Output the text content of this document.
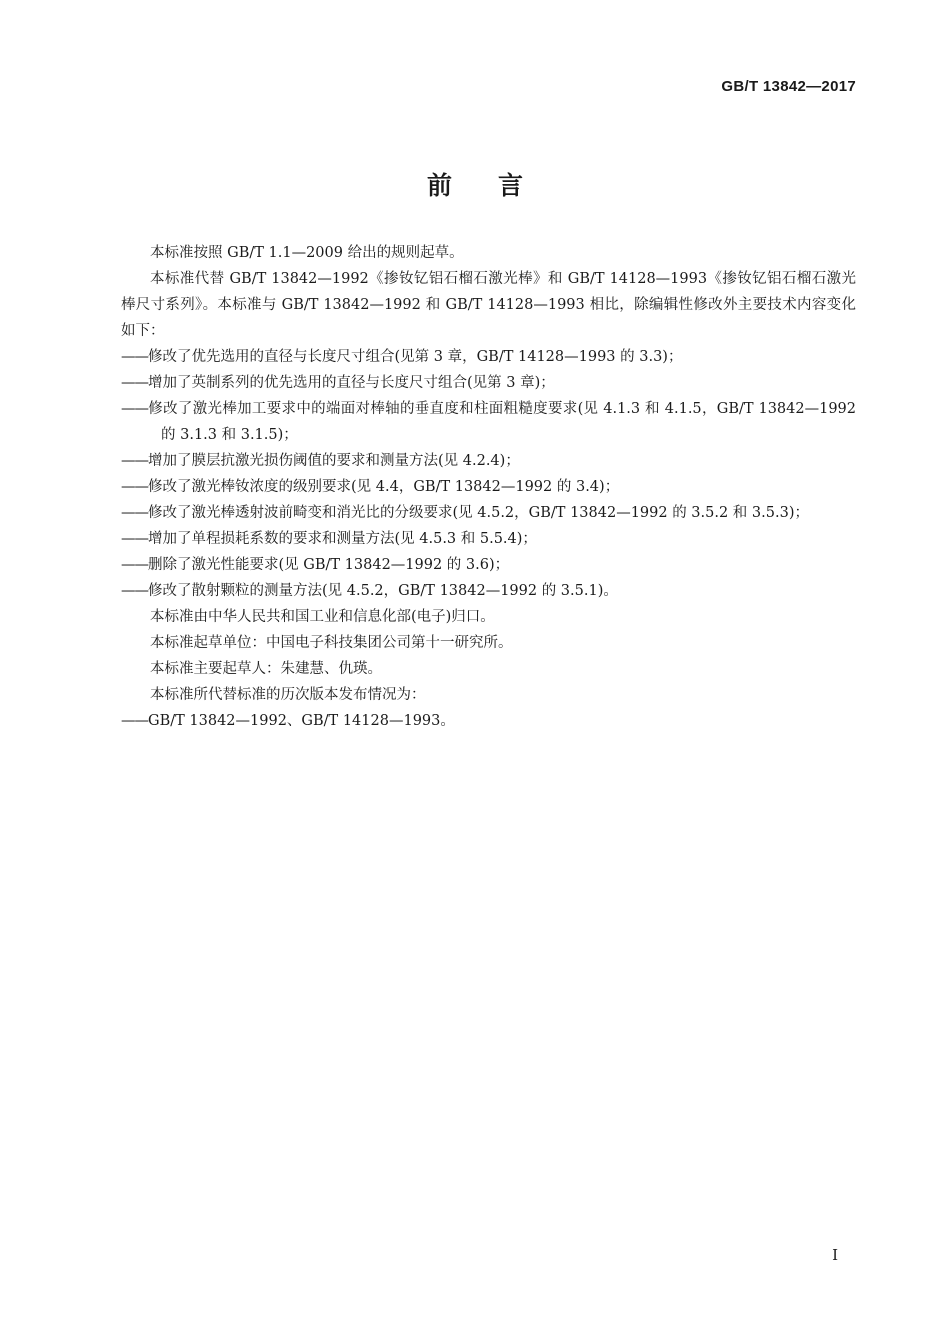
GB/T 13842—2017
前言

本标准按照 GB/T 1.1—2009 给出的规则起草。

本标准代替 GB/T 13842—1992《掺钕钇铝石榴石激光棒》和 GB/T 14128—1993《掺钕钇铝石榴石激光棒尺寸系列》。本标准与 GB/T 13842—1992 和 GB/T 14128—1993 相比，除编辑性修改外主要技术内容变化如下：

——修改了优先选用的直径与长度尺寸组合(见第 3 章，GB/T 14128—1993 的 3.3)；

——增加了英制系列的优先选用的直径与长度尺寸组合(见第 3 章)；

——修改了激光棒加工要求中的端面对棒轴的垂直度和柱面粗糙度要求(见 4.1.3 和 4.1.5，GB/T 13842—1992 的 3.1.3 和 3.1.5)；

——增加了膜层抗激光损伤阈值的要求和测量方法(见 4.2.4)；

——修改了激光棒钕浓度的级别要求(见 4.4，GB/T 13842—1992 的 3.4)；

——修改了激光棒透射波前畸变和消光比的分级要求(见 4.5.2，GB/T 13842—1992 的 3.5.2 和 3.5.3)；

——增加了单程损耗系数的要求和测量方法(见 4.5.3 和 5.5.4)；

——删除了激光性能要求(见 GB/T 13842—1992 的 3.6)；

——修改了散射颗粒的测量方法(见 4.5.2，GB/T 13842—1992 的 3.5.1)。

本标准由中华人民共和国工业和信息化部(电子)归口。

本标准起草单位：中国电子科技集团公司第十一研究所。

本标准主要起草人：朱建慧、仇瑛。

本标准所代替标准的历次版本发布情况为：

——GB/T 13842—1992、GB/T 14128—1993。

I
